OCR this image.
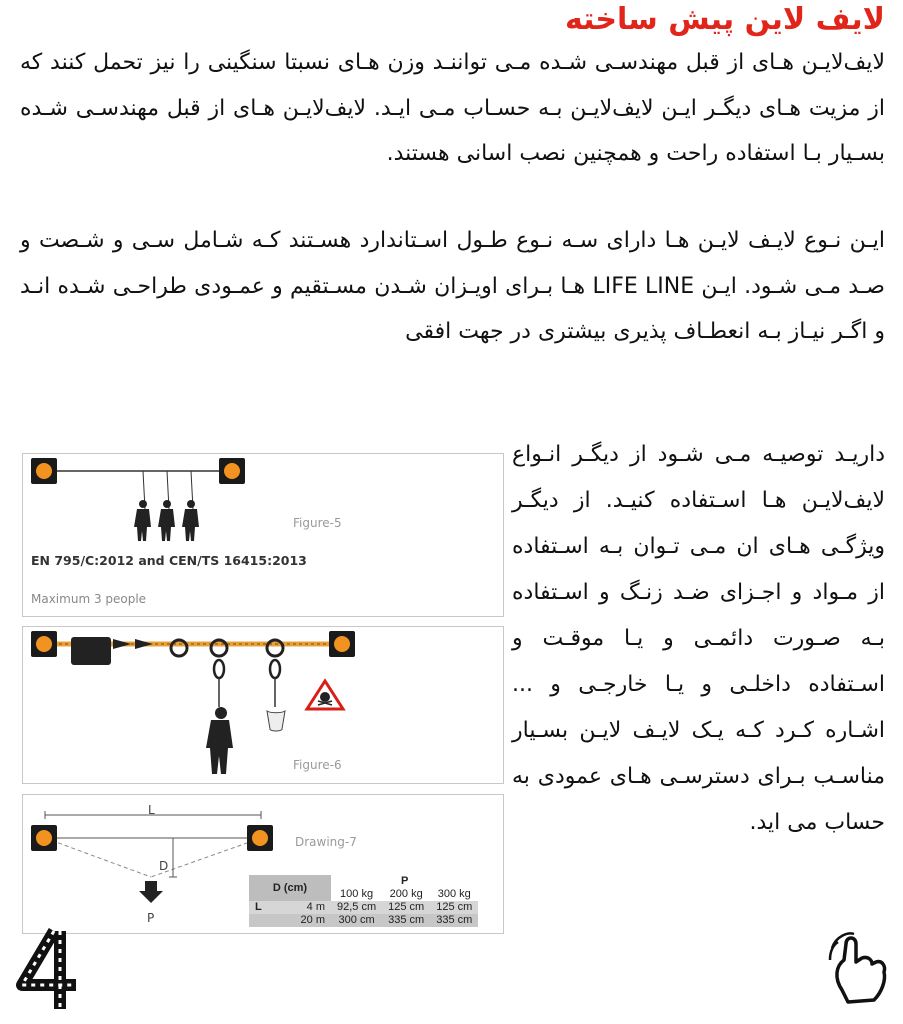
لایف لاین پیش ساخته

لایف‌لایـن هـای از قبل مهندسـی شـده مـی تواننـد وزن هـای نسبتا سنگینی را نیز تحمل کنند که از مزیت هـای دیگـر ایـن لایف‌لایـن بـه حسـاب مـی ایـد. لایف‌لایـن هـای از قبل مهندسـی شـده بسـیار بـا استفاده راحت و همچنین نصب اسانی هستند.

ایـن نـوع لایـف لایـن هـا دارای سـه نـوع طـول اسـتاندارد هسـتند کـه شـامل سـی و شـصت و صـد مـی شـود. ایـن LIFE LINE هـا بـرای اویـزان شـدن مسـتقیم و عمـودی طراحـی شـده انـد و اگـر نیـاز بـه انعطـاف پذیری بیشتری در جهت افقی

داریـد توصیـه مـی شـود از دیگـر انـواع لایف‌لایـن هـا اسـتفاده کنیـد. از دیگـر ویژگـی هـای ان مـی تـوان بـه اسـتفاده از مـواد و اجـزای ضـد زنـگ و اسـتفاده بـه صـورت دائمـی و یـا موقـت و اسـتفاده داخلـی و یـا خارجـی و ... اشـاره کـرد کـه یـک لایـف لایـن بسـیار مناسـب بـرای دسترسـی هـای عمودی به حساب می اید.

Figure-5
EN 795/C:2012 and CEN/TS 16415:2013
Maximum 3 people
Figure-6
L
D
P
Drawing-7
D (cm)	P		
	100 kg	200 kg	300 kg
L 4 m	92,5 cm	125 cm	125 cm
20 m	300 cm	335 cm	335 cm
